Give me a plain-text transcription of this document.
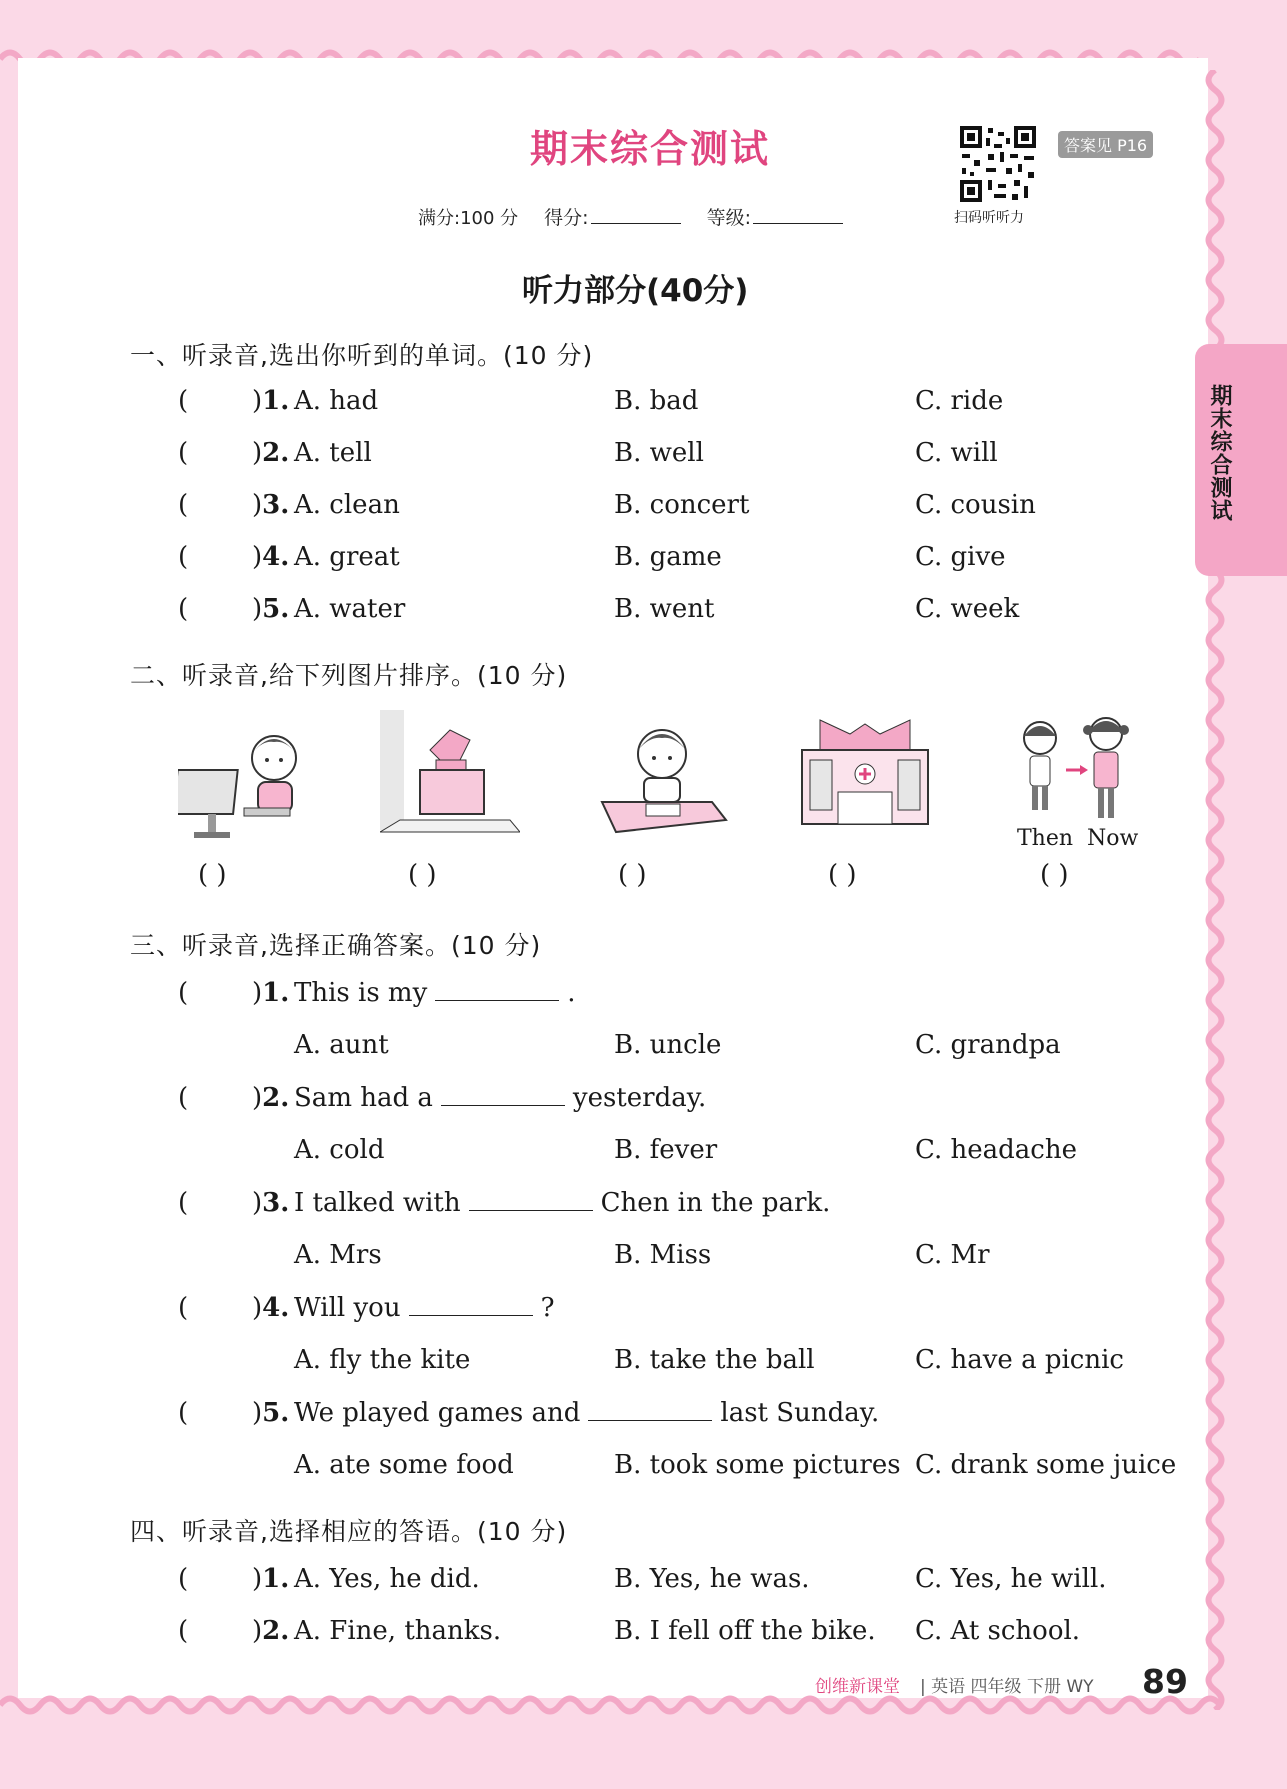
期末综合测试
满分:100 分 得分:	等级:	扫码听听力
答案见 P16
听力部分(40分)
期末综合测试
一、听录音,选出你听到的单词。(10 分)
( )1. A. had	B. bad	C. ride
( )2. A. tell	B. well	C. will
( )3. A. clean	B. concert	C. cousin
( )4. A. great	B. game	C. give
( )5. A. water	B. went	C. week
二、听录音,给下列图片排序。(10 分)
Then Now
( )	( )	( )	( )	( )
三、听录音,选择正确答案。(10 分)
( )1. This is my	.
A. aunt	B. uncle	C. grandpa
( )2. Sam had a	yesterday.
A. cold	B. fever	C. headache
( )3. I talked with	Chen in the park.
A. Mrs	B. Miss	C. Mr
( )4. Will you	?
A. fly the kite	B. take the ball	C. have a picnic
( )5. We played games and	last Sunday.
A. ate some food	B. took some pictures C. drank some juice
四、听录音,选择相应的答语。(10 分)
( )1. A. Yes, he did.	B. Yes, he was.	C. Yes, he will.
( )2. A. Fine, thanks.	B. I fell off the bike. C. At school.
创维新课堂 | 英语 四年级 下册 WY 89
